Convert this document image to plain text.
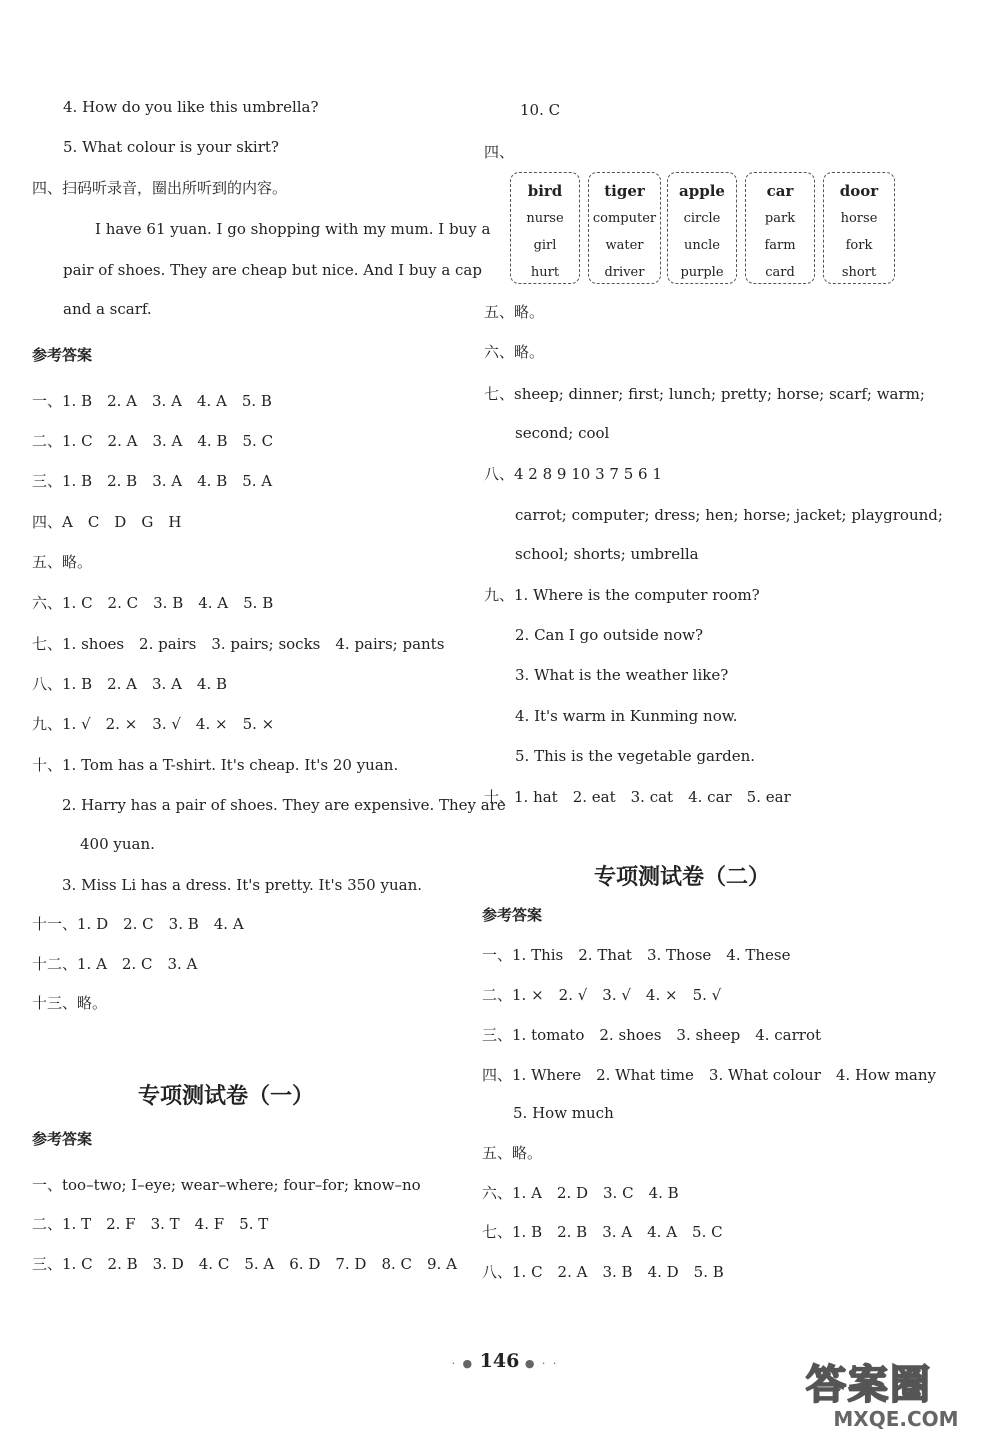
4. How do you like this umbrella?
5. What colour is your skirt?
四、扫码听录音，圈出所听到的内容。
I have 61 yuan. I go shopping with my mum. I buy a
pair of shoes. They are cheap but nice. And I buy a cap
and a scarf.
参考答案
一、1. B　2. A　3. A　4. A　5. B
二、1. C　2. A　3. A　4. B　5. C
三、1. B　2. B　3. A　4. B　5. A
四、A　C　D　G　H
五、略。
六、1. C　2. C　3. B　4. A　5. B
七、1. shoes　2. pairs　3. pairs; socks　4. pairs; pants
八、1. B　2. A　3. A　4. B
九、1. √　2. ×　3. √　4. ×　5. ×
十、1. Tom has a T-shirt. It's cheap. It's 20 yuan.
2. Harry has a pair of shoes. They are expensive. They are
400 yuan.
3. Miss Li has a dress. It's pretty. It's 350 yuan.
十一、1. D　2. C　3. B　4. A
十二、1. A　2. C　3. A
十三、略。
专项测试卷（一）
参考答案
一、too–two; I–eye; wear–where; four–for; know–no
二、1. T　2. F　3. T　4. F　5. T
三、1. C　2. B　3. D　4. C　5. A　6. D　7. D　8. C　9. A
10. C
四、
bird
nurse
girl
hurt
tiger
computer
water
driver
apple
circle
uncle
purple
car
park
farm
card
door
horse
fork
short
五、略。
六、略。
七、sheep; dinner; first; lunch; pretty; horse; scarf; warm;
second; cool
八、4 2 8 9 10 3 7 5 6 1
carrot; computer; dress; hen; horse; jacket; playground;
school; shorts; umbrella
九、1. Where is the computer room?
2. Can I go outside now?
3. What is the weather like?
4. It's warm in Kunming now.
5. This is the vegetable garden.
十、1. hat　2. eat　3. cat　4. car　5. ear
专项测试卷（二）
参考答案
一、1. This　2. That　3. Those　4. These
二、1. ×　2. √　3. √　4. ×　5. √
三、1. tomato　2. shoes　3. sheep　4. carrot
四、1. Where　2. What time　3. What colour　4. How many
5. How much
五、略。
六、1. A　2. D　3. C　4. B
七、1. B　2. B　3. A　4. A　5. C
八、1. C　2. A　3. B　4. D　5. B
· ● 146 ● · ·	答案圈
MXQE.COM
